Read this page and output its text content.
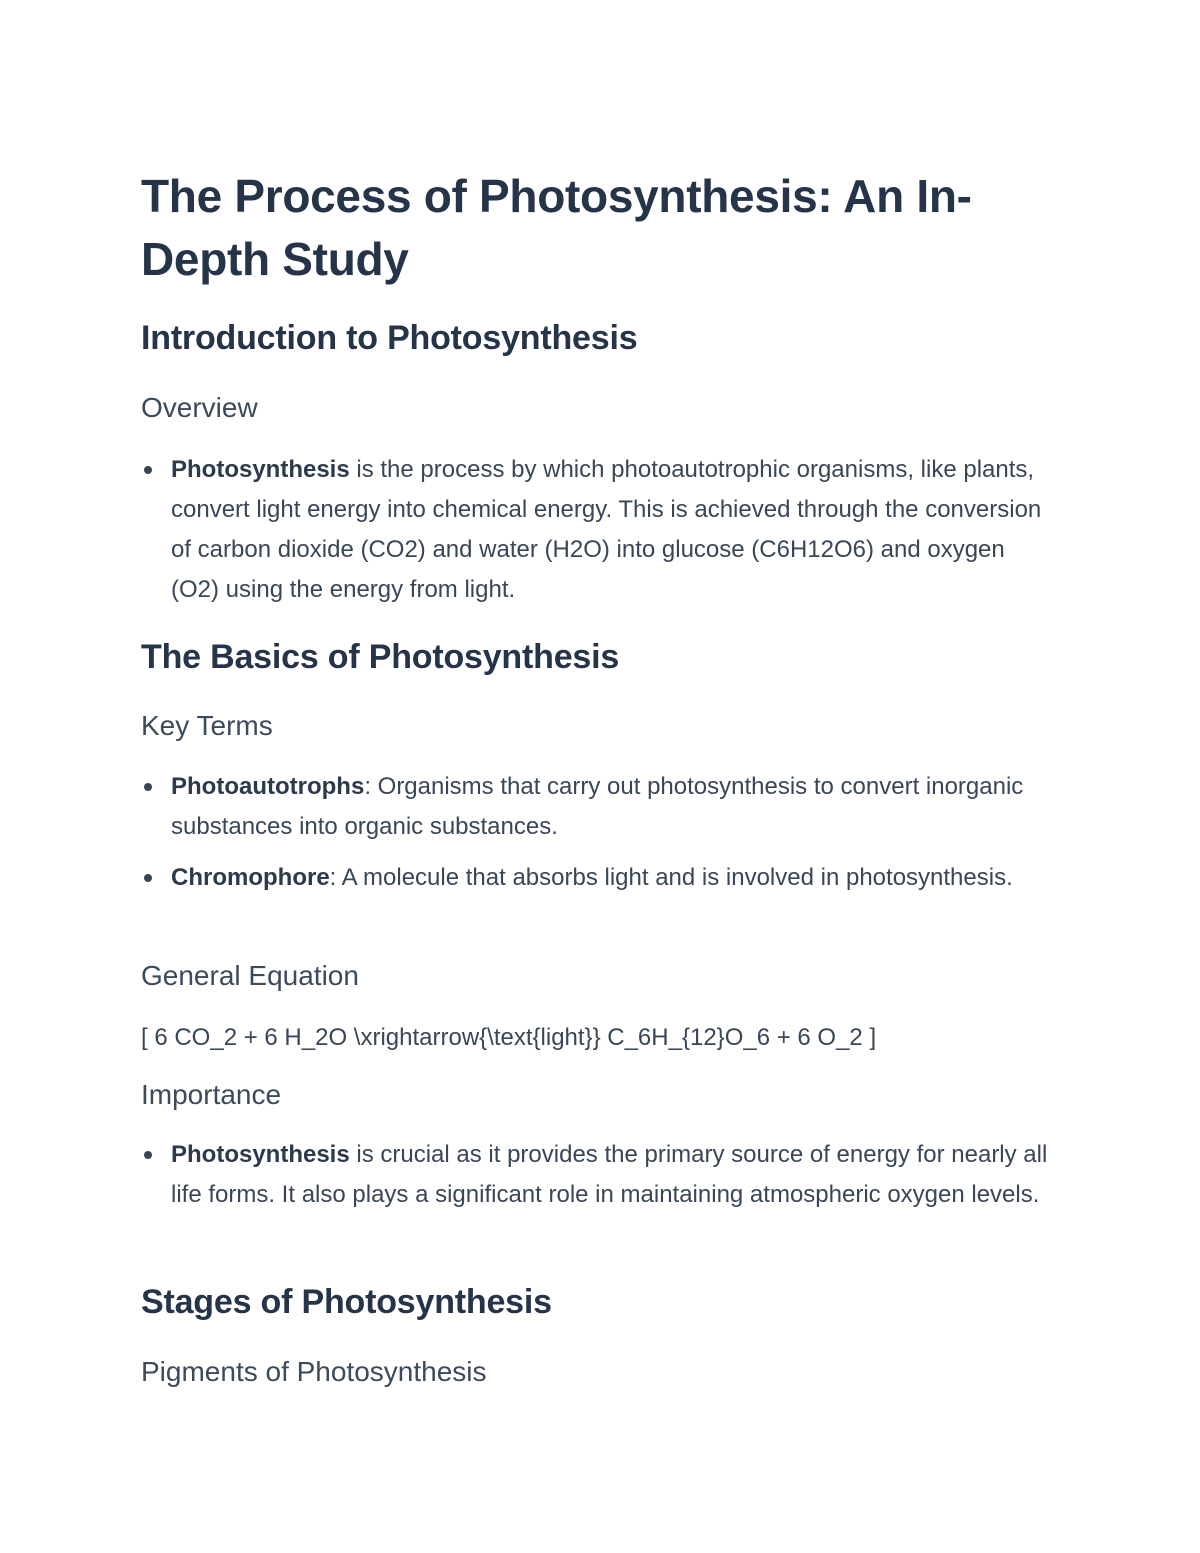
The Process of Photosynthesis: An In-Depth Study
Introduction to Photosynthesis
Overview
Photosynthesis is the process by which photoautotrophic organisms, like plants, convert light energy into chemical energy. This is achieved through the conversion of carbon dioxide (CO2) and water (H2O) into glucose (C6H12O6) and oxygen (O2) using the energy from light.
The Basics of Photosynthesis
Key Terms
Photoautotrophs: Organisms that carry out photosynthesis to convert inorganic substances into organic substances.
Chromophore: A molecule that absorbs light and is involved in photosynthesis.
General Equation

[ 6 CO_2 + 6 H_2O \xrightarrow{\text{light}} C_6H_{12}O_6 + 6 O_2 ]

Importance
Photosynthesis is crucial as it provides the primary source of energy for nearly all life forms. It also plays a significant role in maintaining atmospheric oxygen levels.
Stages of Photosynthesis
Pigments of Photosynthesis
